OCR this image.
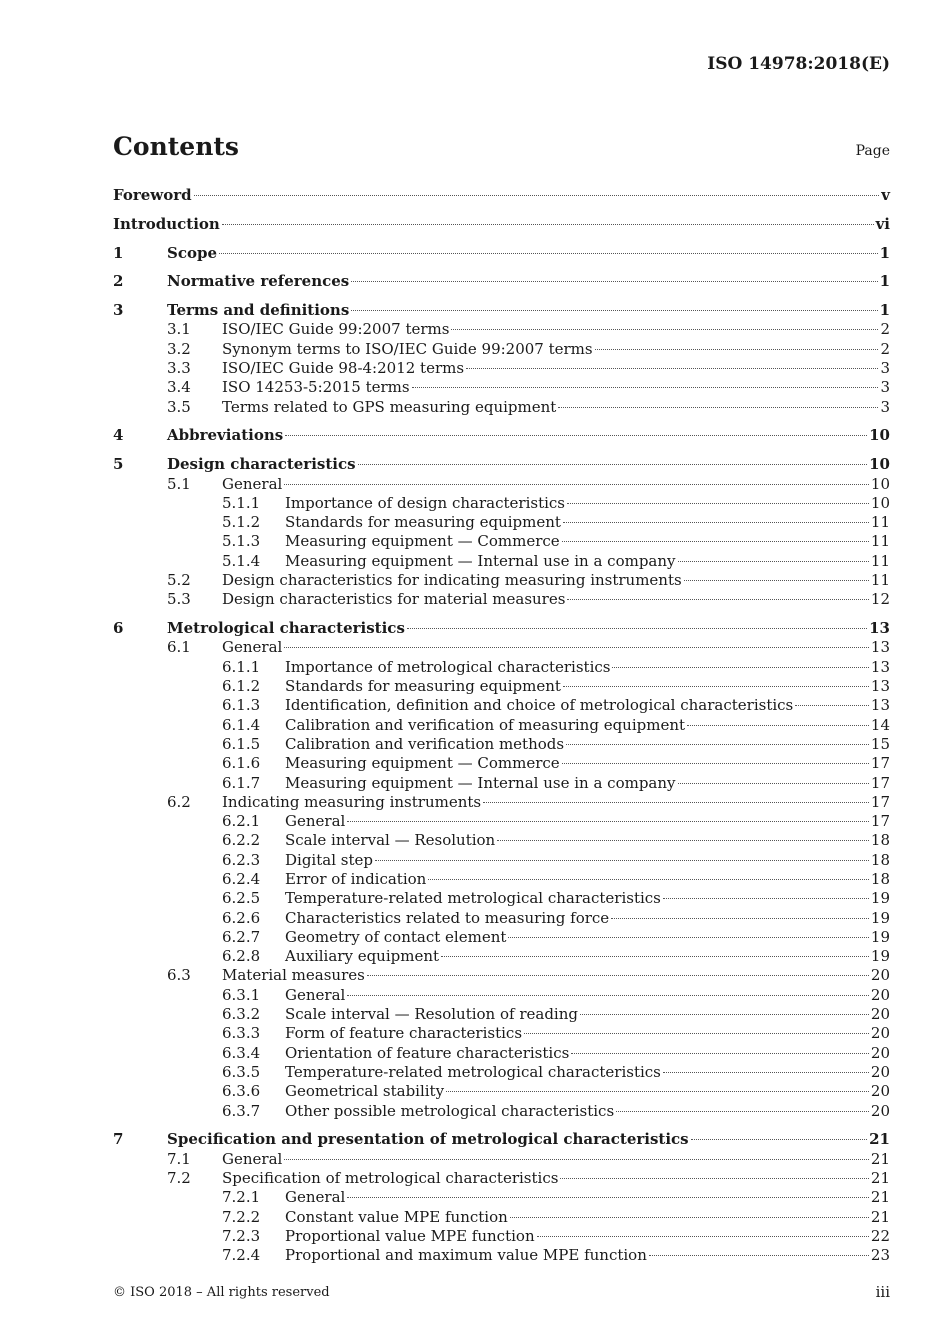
ISO 14978:2018(E)
Contents	Page
Foreword	v
Introduction	vi
1	Scope	1
2	Normative references	1
3	Terms and definitions	1
3.1 ISO/IEC Guide 99:2007 terms	2
3.2 Synonym terms to ISO/IEC Guide 99:2007 terms	2
3.3 ISO/IEC Guide 98-4:2012 terms	3
3.4 ISO 14253-5:2015 terms	3
3.5 Terms related to GPS measuring equipment	3
4	Abbreviations	10
5	Design characteristics	10
5.1 General	10
5.1.1 Importance of design characteristics	10
5.1.2 Standards for measuring equipment	11
5.1.3 Measuring equipment — Commerce	11
5.1.4 Measuring equipment — Internal use in a company	11
5.2 Design characteristics for indicating measuring instruments	11
5.3 Design characteristics for material measures	12
6	Metrological characteristics	13
6.1 General	13
6.1.1 Importance of metrological characteristics	13
6.1.2 Standards for measuring equipment	13
6.1.3 Identification, definition and choice of metrological characteristics	13
6.1.4 Calibration and verification of measuring equipment	14
6.1.5 Calibration and verification methods	15
6.1.6 Measuring equipment — Commerce	17
6.1.7 Measuring equipment — Internal use in a company	17
6.2 Indicating measuring instruments	17
6.2.1 General	17
6.2.2 Scale interval — Resolution	18
6.2.3 Digital step	18
6.2.4 Error of indication	18
6.2.5 Temperature-related metrological characteristics	19
6.2.6 Characteristics related to measuring force	19
6.2.7 Geometry of contact element	19
6.2.8 Auxiliary equipment	19
6.3 Material measures	20
6.3.1 General	20
6.3.2 Scale interval — Resolution of reading	20
6.3.3 Form of feature characteristics	20
6.3.4 Orientation of feature characteristics	20
6.3.5 Temperature-related metrological characteristics	20
6.3.6 Geometrical stability	20
6.3.7 Other possible metrological characteristics	20
7	Specification and presentation of metrological characteristics	21
7.1 General	21
7.2 Specification of metrological characteristics	21
7.2.1 General	21
7.2.2 Constant value MPE function	21
7.2.3 Proportional value MPE function	22
7.2.4 Proportional and maximum value MPE function	23
© ISO 2018 – All rights reserved	iii
